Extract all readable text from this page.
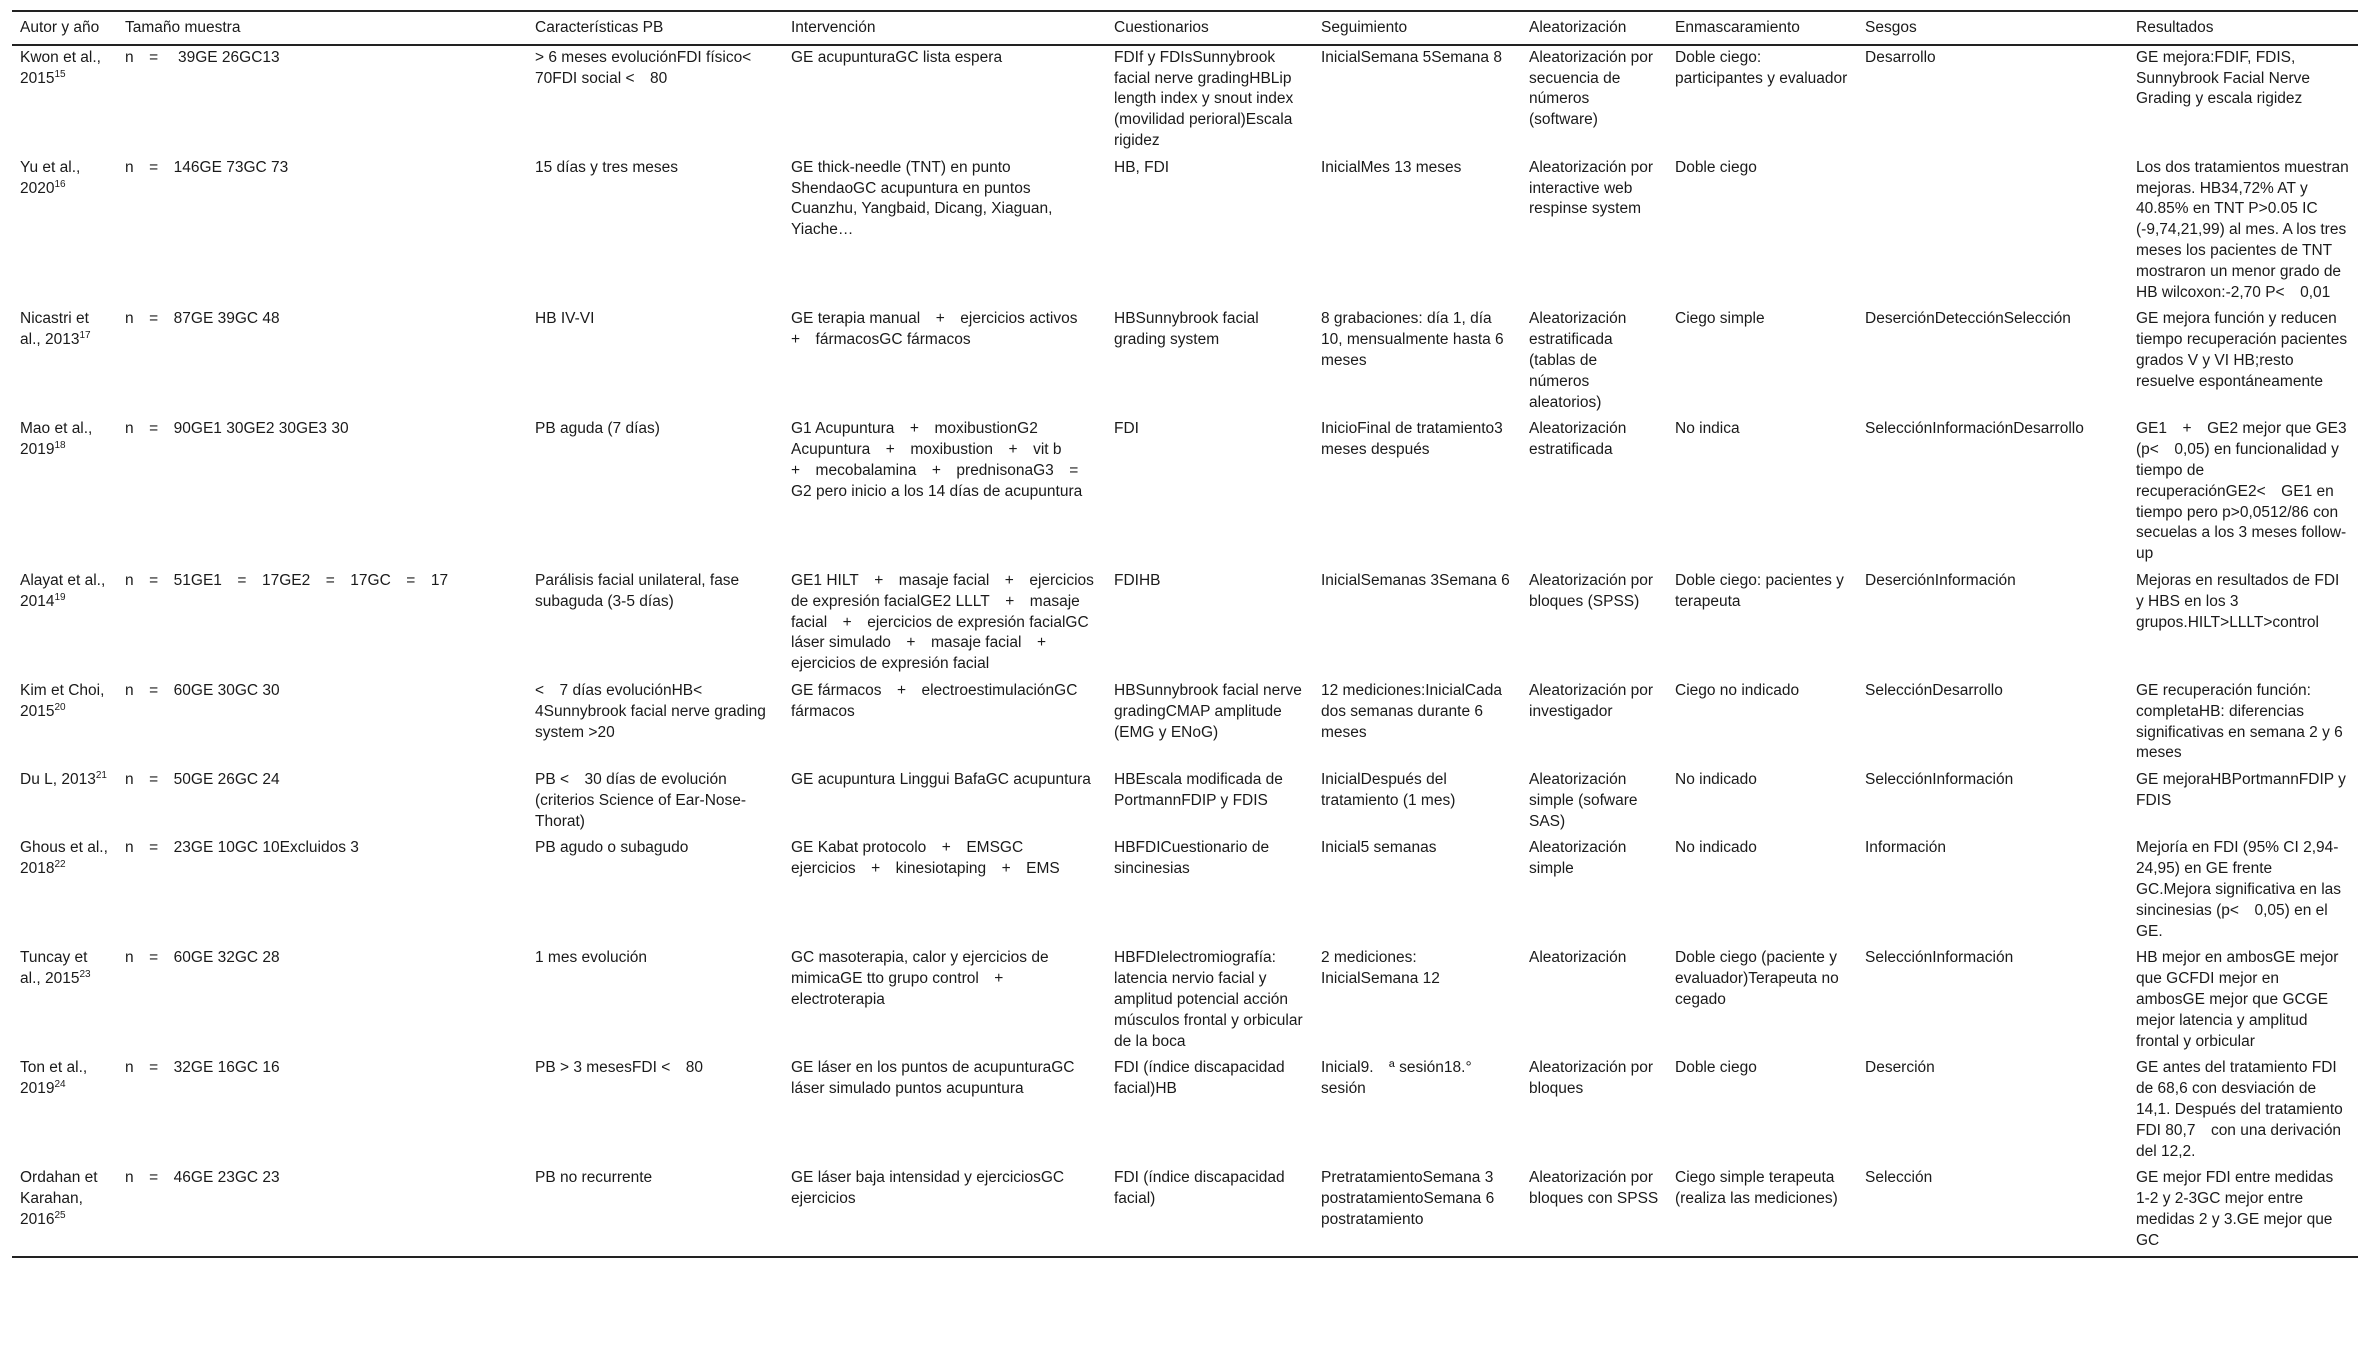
Autor y año	Tamaño muestra	Características PB	Intervención	Cuestionarios	Seguimiento	Aleatorización	Enmascaramiento	Sesgos	Resultados
Kwon et al., 2015$^{15}$	n =  39GE 26GC13	> 6 meses evoluciónFDI físico< 70FDI social < 80	GE acupunturaGC lista espera	FDIf y FDIsSunnybrook facial nerve gradingHBLip length index y snout index (movilidad perioral)Escala rigidez	InicialSemana 5Semana 8	Aleatorización por secuencia de números (software)	Doble ciego: participantes y evaluador	Desarrollo	GE mejora:FDIF, FDIS, Sunnybrook Facial Nerve Grading y escala rigidez
Yu et al., 2020$^{16}$	n = 146GE 73GC 73	15 días y tres meses	GE thick-needle (TNT) en punto ShendaoGC acupuntura en puntos Cuanzhu, Yangbaid, Dicang, Xiaguan, Yiache…	HB, FDI	InicialMes 13 meses	Aleatorización por interactive web respinse system	Doble ciego		Los dos tratamientos muestran mejoras. HB34,72% AT y 40.85% en TNT P>0.05 IC (-9,74,21,99) al mes. A los tres meses los pacientes de TNT mostraron un menor grado de HB wilcoxon:-2,70 P< 0,01
Nicastri et al., 2013$^{17}$	n = 87GE 39GC 48	HB IV-VI	GE terapia manual + ejercicios activos + fármacosGC fármacos	HBSunnybrook facial grading system	8 grabaciones: día 1, día 10, mensualmente hasta 6 meses	Aleatorización estratificada (tablas de números aleatorios)	Ciego simple	DeserciónDetecciónSelección	GE mejora función y reducen tiempo recuperación pacientes grados V y VI HB;resto resuelve espontáneamente
Mao et al., 2019$^{18}$	n = 90GE1 30GE2 30GE3 30	PB aguda (7 días)	G1 Acupuntura + moxibustionG2 Acupuntura + moxibustion + vit b + mecobalamina + prednisonaG3 = G2 pero inicio a los 14 días de acupuntura	FDI	InicioFinal de tratamiento3 meses después	Aleatorización estratificada	No indica	SelecciónInformaciónDesarrollo	GE1 + GE2 mejor que GE3 (p< 0,05) en funcionalidad y tiempo de recuperaciónGE2< GE1 en tiempo pero p>0,0512/86 con secuelas a los 3 meses follow-up
Alayat et al., 2014$^{19}$	n = 51GE1 = 17GE2 = 17GC = 17	Parálisis facial unilateral, fase subaguda (3-5 días)	GE1 HILT + masaje facial + ejercicios de expresión facialGE2 LLLT + masaje facial + ejercicios de expresión facialGC láser simulado + masaje facial + ejercicios de expresión facial	FDIHB	InicialSemanas 3Semana 6	Aleatorización por bloques (SPSS)	Doble ciego: pacientes y terapeuta	DeserciónInformación	Mejoras en resultados de FDI y HBS en los 3 grupos.HILT>LLLT>control
Kim et Choi, 2015$^{20}$	n = 60GE 30GC 30	< 7 días evoluciónHB< 4Sunnybrook facial nerve grading system >20	GE fármacos + electroestimulaciónGC fármacos	HBSunnybrook facial nerve gradingCMAP amplitude (EMG y ENoG)	12 mediciones:InicialCada dos semanas durante 6 meses	Aleatorización por investigador	Ciego no indicado	SelecciónDesarrollo	GE recuperación función: completaHB: diferencias significativas en semana 2 y 6 meses
Du L, 2013$^{21}$	n = 50GE 26GC 24	PB < 30 días de evolución (criterios Science of Ear-Nose-Thorat)	GE acupuntura Linggui BafaGC acupuntura	HBEscala modificada de PortmannFDIP y FDIS	InicialDespués del tratamiento (1 mes)	Aleatorización simple (sofware SAS)	No indicado	SelecciónInformación	GE mejoraHBPortmannFDIP y FDIS
Ghous et al., 2018$^{22}$	n = 23GE 10GC 10Excluidos 3	PB agudo o subagudo	GE Kabat protocolo + EMSGC ejercicios + kinesiotaping + EMS	HBFDICuestionario de sincinesias	Inicial5 semanas	Aleatorización simple	No indicado	Información	Mejoría en FDI (95% CI 2,94-24,95) en GE frente GC.Mejora significativa en las sincinesias (p< 0,05) en el GE.
Tuncay et al., 2015$^{23}$	n = 60GE 32GC 28	1 mes evolución	GC masoterapia, calor y ejercicios de mimicaGE tto grupo control + electroterapia	HBFDIelectromiografía: latencia nervio facial y amplitud potencial acción músculos frontal y orbicular de la boca	2 mediciones: InicialSemana 12	Aleatorización	Doble ciego (paciente y evaluador)Terapeuta no cegado	SelecciónInformación	HB mejor en ambosGE mejor que GCFDI mejor en ambosGE mejor que GCGE mejor latencia y amplitud frontal y orbicular
Ton et al., 2019$^{24}$	n = 32GE 16GC 16	PB > 3 mesesFDI < 80	GE láser en los puntos de acupunturaGC láser simulado puntos acupuntura	FDI (índice discapacidad facial)HB	Inicial9. ª sesión18.° sesión	Aleatorización por bloques	Doble ciego	Deserción	GE antes del tratamiento FDI de 68,6 con desviación de 14,1. Después del tratamiento FDI 80,7 con una derivación del 12,2.
Ordahan et Karahan, 2016$^{25}$	n = 46GE 23GC 23	PB no recurrente	GE láser baja intensidad y ejerciciosGC ejercicios	FDI (índice discapacidad facial)	PretratamientoSemana 3 postratamientoSemana 6 postratamiento	Aleatorización por bloques con SPSS	Ciego simple terapeuta (realiza las mediciones)	Selección	GE mejor FDI entre medidas 1-2 y 2-3GC mejor entre medidas 2 y 3.GE mejor que GC
